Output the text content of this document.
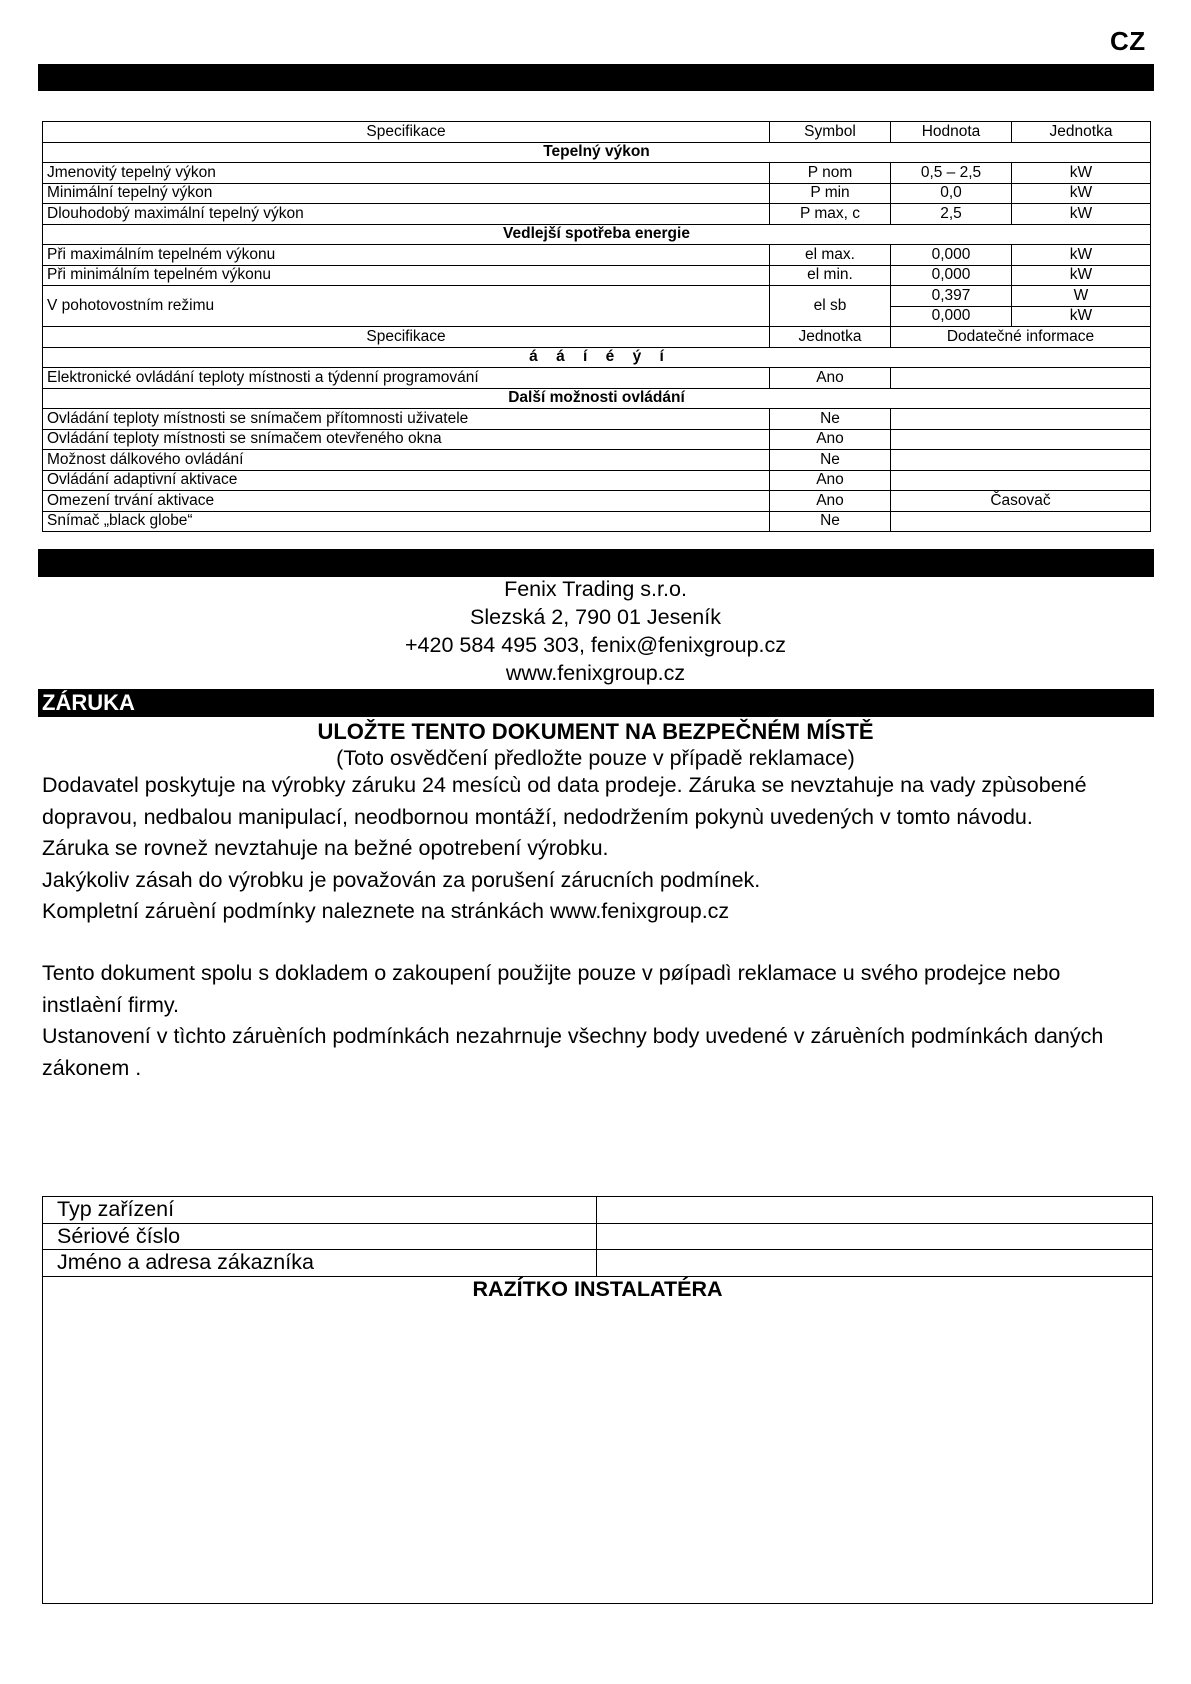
CZ
Specifikace	Symbol	Hodnota	Jednotka
Tepelný výkon			
Jmenovitý tepelný výkon	P nom	0,5 – 2,5	kW
Minimální tepelný výkon	P min	0,0	kW
Dlouhodobý maximální tepelný výkon	P max, c	2,5	kW
Vedlejší spotřeba energie			
Při maximálním tepelném výkonu	el max.	0,000	kW
Při minimálním tepelném výkonu	el min.	0,000	kW
V pohotovostním režimu	el sb	0,397	W
		0,000	kW
Specifikace	Jednotka	Dodatečné informace	
á á í é ý í			
Elektronické ovládání teploty místnosti a týdenní programování	Ano		
Další možnosti ovládání			
Ovládání teploty místnosti se snímačem přítomnosti uživatele	Ne		
Ovládání teploty místnosti se snímačem otevřeného okna	Ano		
Možnost dálkového ovládání	Ne		
Ovládání adaptivní aktivace	Ano		
Omezení trvání aktivace	Ano	Časovač	
Snímač „black globe“	Ne		
Fenix Trading s.r.o.
Slezská 2, 790 01 Jeseník
+420 584 495 303, fenix@fenixgroup.cz
www.fenixgroup.cz
ZÁRUKA
ULOŽTE TENTO DOKUMENT NA BEZPEČNÉM MÍSTĚ
(Toto osvědčení předložte pouze v případě reklamace)
Dodavatel poskytuje na výrobky záruku 24 mesícù od data prodeje. Záruka se nevztahuje na vady zpùsobené
dopravou, nedbalou manipulací, neodbornou montáží, nedodržením pokynù uvedených v tomto návodu.
Záruka se rovnež nevztahuje na bežné opotrebení výrobku.
Jakýkoliv zásah do výrobku je považován za porušení zárucních podmínek.
Kompletní záruèní podmínky naleznete na stránkách www.fenixgroup.cz
Tento dokument spolu s dokladem o zakoupení použijte pouze v pøípadì reklamace u svého prodejce nebo
instlaèní firmy.
Ustanovení v tìchto záruèních podmínkách nezahrnuje všechny body uvedené v záruèních podmínkách daných
zákonem .
Typ zařízení	
Sériové číslo	
Jméno a adresa zákazníka	
RAZÍTKO INSTALATÉRA	
